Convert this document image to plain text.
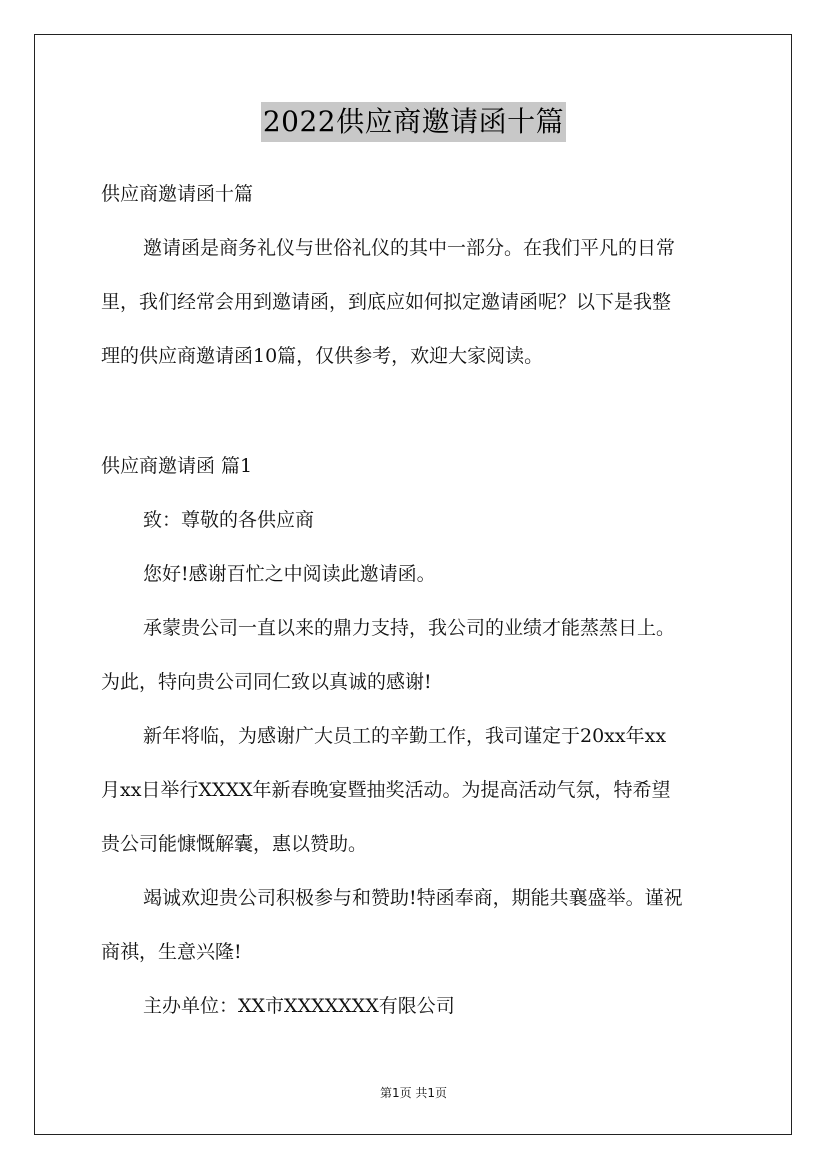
2022供应商邀请函十篇
供应商邀请函十篇
邀请函是商务礼仪与世俗礼仪的其中一部分。在我们平凡的日常
里，我们经常会用到邀请函，到底应如何拟定邀请函呢？以下是我整
理的供应商邀请函10篇，仅供参考，欢迎大家阅读。
供应商邀请函 篇1
致：尊敬的各供应商
您好!感谢百忙之中阅读此邀请函。
承蒙贵公司一直以来的鼎力支持，我公司的业绩才能蒸蒸日上。
为此，特向贵公司同仁致以真诚的感谢!
新年将临，为感谢广大员工的辛勤工作，我司谨定于20xx年xx
月xx日举行XXXX年新春晚宴暨抽奖活动。为提高活动气氛，特希望
贵公司能慷慨解囊，惠以赞助。
竭诚欢迎贵公司积极参与和赞助!特函奉商，期能共襄盛举。谨祝
商祺，生意兴隆!
主办单位：XX市XXXXXXX有限公司
第1页 共1页
